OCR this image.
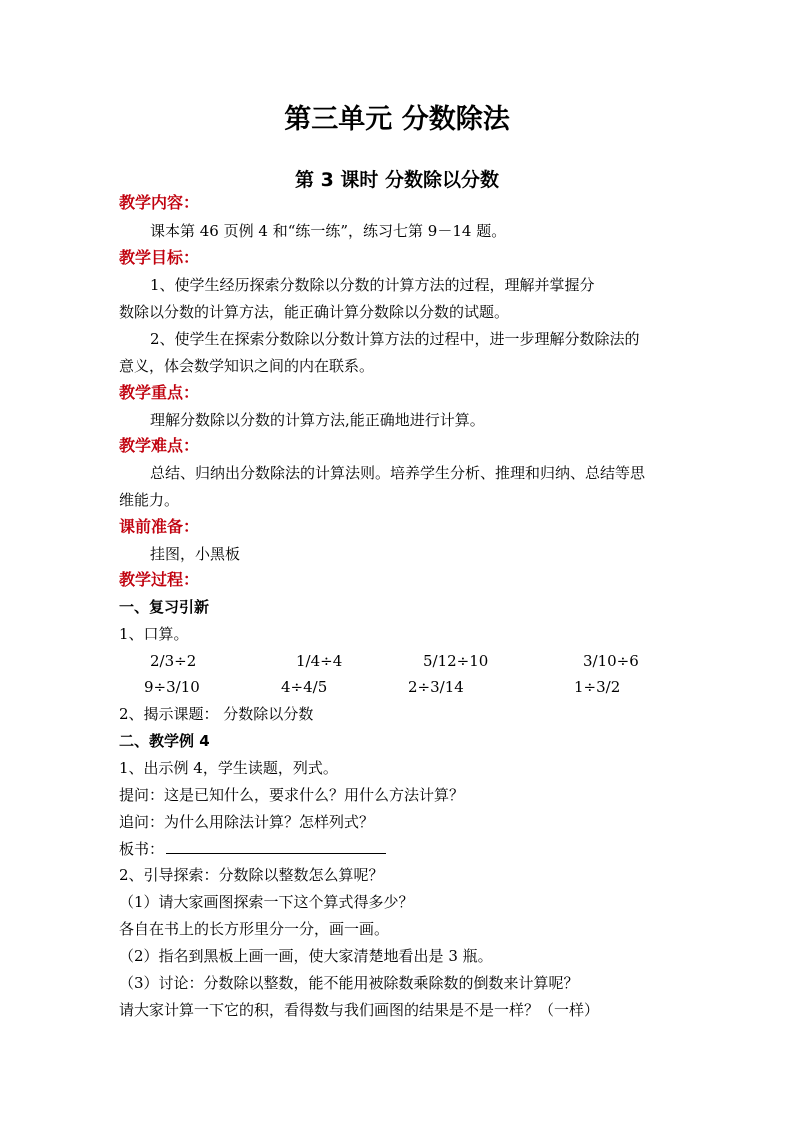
第三单元 分数除法
第 3 课时 分数除以分数
教学内容：
课本第 46 页例 4 和“练一练”，练习七第 9－14 题。
教学目标：
1、使学生经历探索分数除以分数的计算方法的过程，理解并掌握分
数除以分数的计算方法，能正确计算分数除以分数的试题。
2、使学生在探索分数除以分数计算方法的过程中，进一步理解分数除法的
意义，体会数学知识之间的内在联系。
教学重点：
理解分数除以分数的计算方法,能正确地进行计算。
教学难点：
总结、归纳出分数除法的计算法则。培养学生分析、推理和归纳、总结等思
维能力。
课前准备：
挂图，小黑板
教学过程：
一、复习引新
1、口算。
2/3÷2	1/4÷4	5/12÷10	3/10÷6
9÷3/10	4÷4/5	2÷3/14	1÷3/2
2、揭示课题： 分数除以分数
二、教学例 4
1、出示例 4，学生读题，列式。
提问：这是已知什么，要求什么？用什么方法计算？
追问：为什么用除法计算？怎样列式？
板书：
2、引导探索：分数除以整数怎么算呢？
（1）请大家画图探索一下这个算式得多少？
各自在书上的长方形里分一分，画一画。
（2）指名到黑板上画一画，使大家清楚地看出是 3 瓶。
（3）讨论：分数除以整数，能不能用被除数乘除数的倒数来计算呢？
请大家计算一下它的积，看得数与我们画图的结果是不是一样？（一样）
